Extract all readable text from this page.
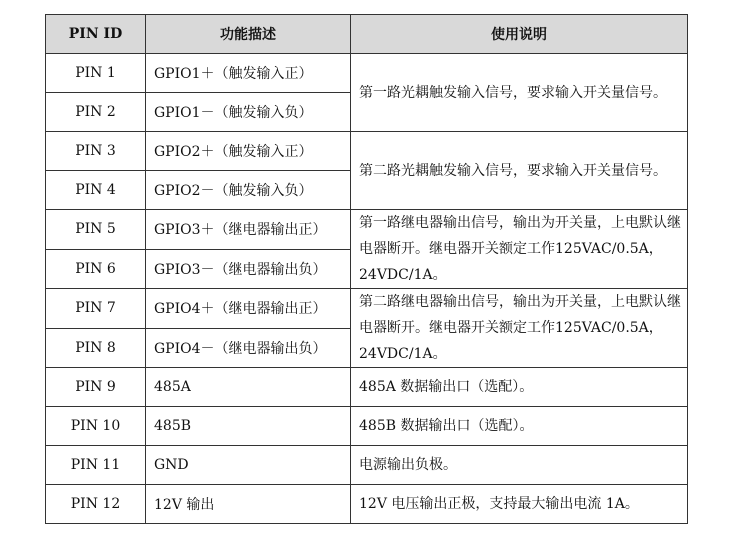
PIN ID	功能描述	使用说明
PIN 1	GPIO1＋（触发输入正）	第一路光耦触发输入信号，要求输入开关量信号。
PIN 2	GPIO1－（触发输入负）	
PIN 3	GPIO2＋（触发输入正）	第二路光耦触发输入信号，要求输入开关量信号。
PIN 4	GPIO2－（触发输入负）	
PIN 5	GPIO3＋（继电器输出正）	第一路继电器输出信号，输出为开关量，上电默认继电器断开。继电器开关额定工作125VAC/0.5A，24VDC/1A。
PIN 6	GPIO3－（继电器输出负）	
PIN 7	GPIO4＋（继电器输出正）	第二路继电器输出信号，输出为开关量，上电默认继电器断开。继电器开关额定工作125VAC/0.5A，24VDC/1A。
PIN 8	GPIO4－（继电器输出负）	
PIN 9	485A	485A 数据输出口（选配）。
PIN 10	485B	485B 数据输出口（选配）。
PIN 11	GND	电源输出负极。
PIN 12	12V 输出	12V 电压输出正极，支持最大输出电流 1A。
